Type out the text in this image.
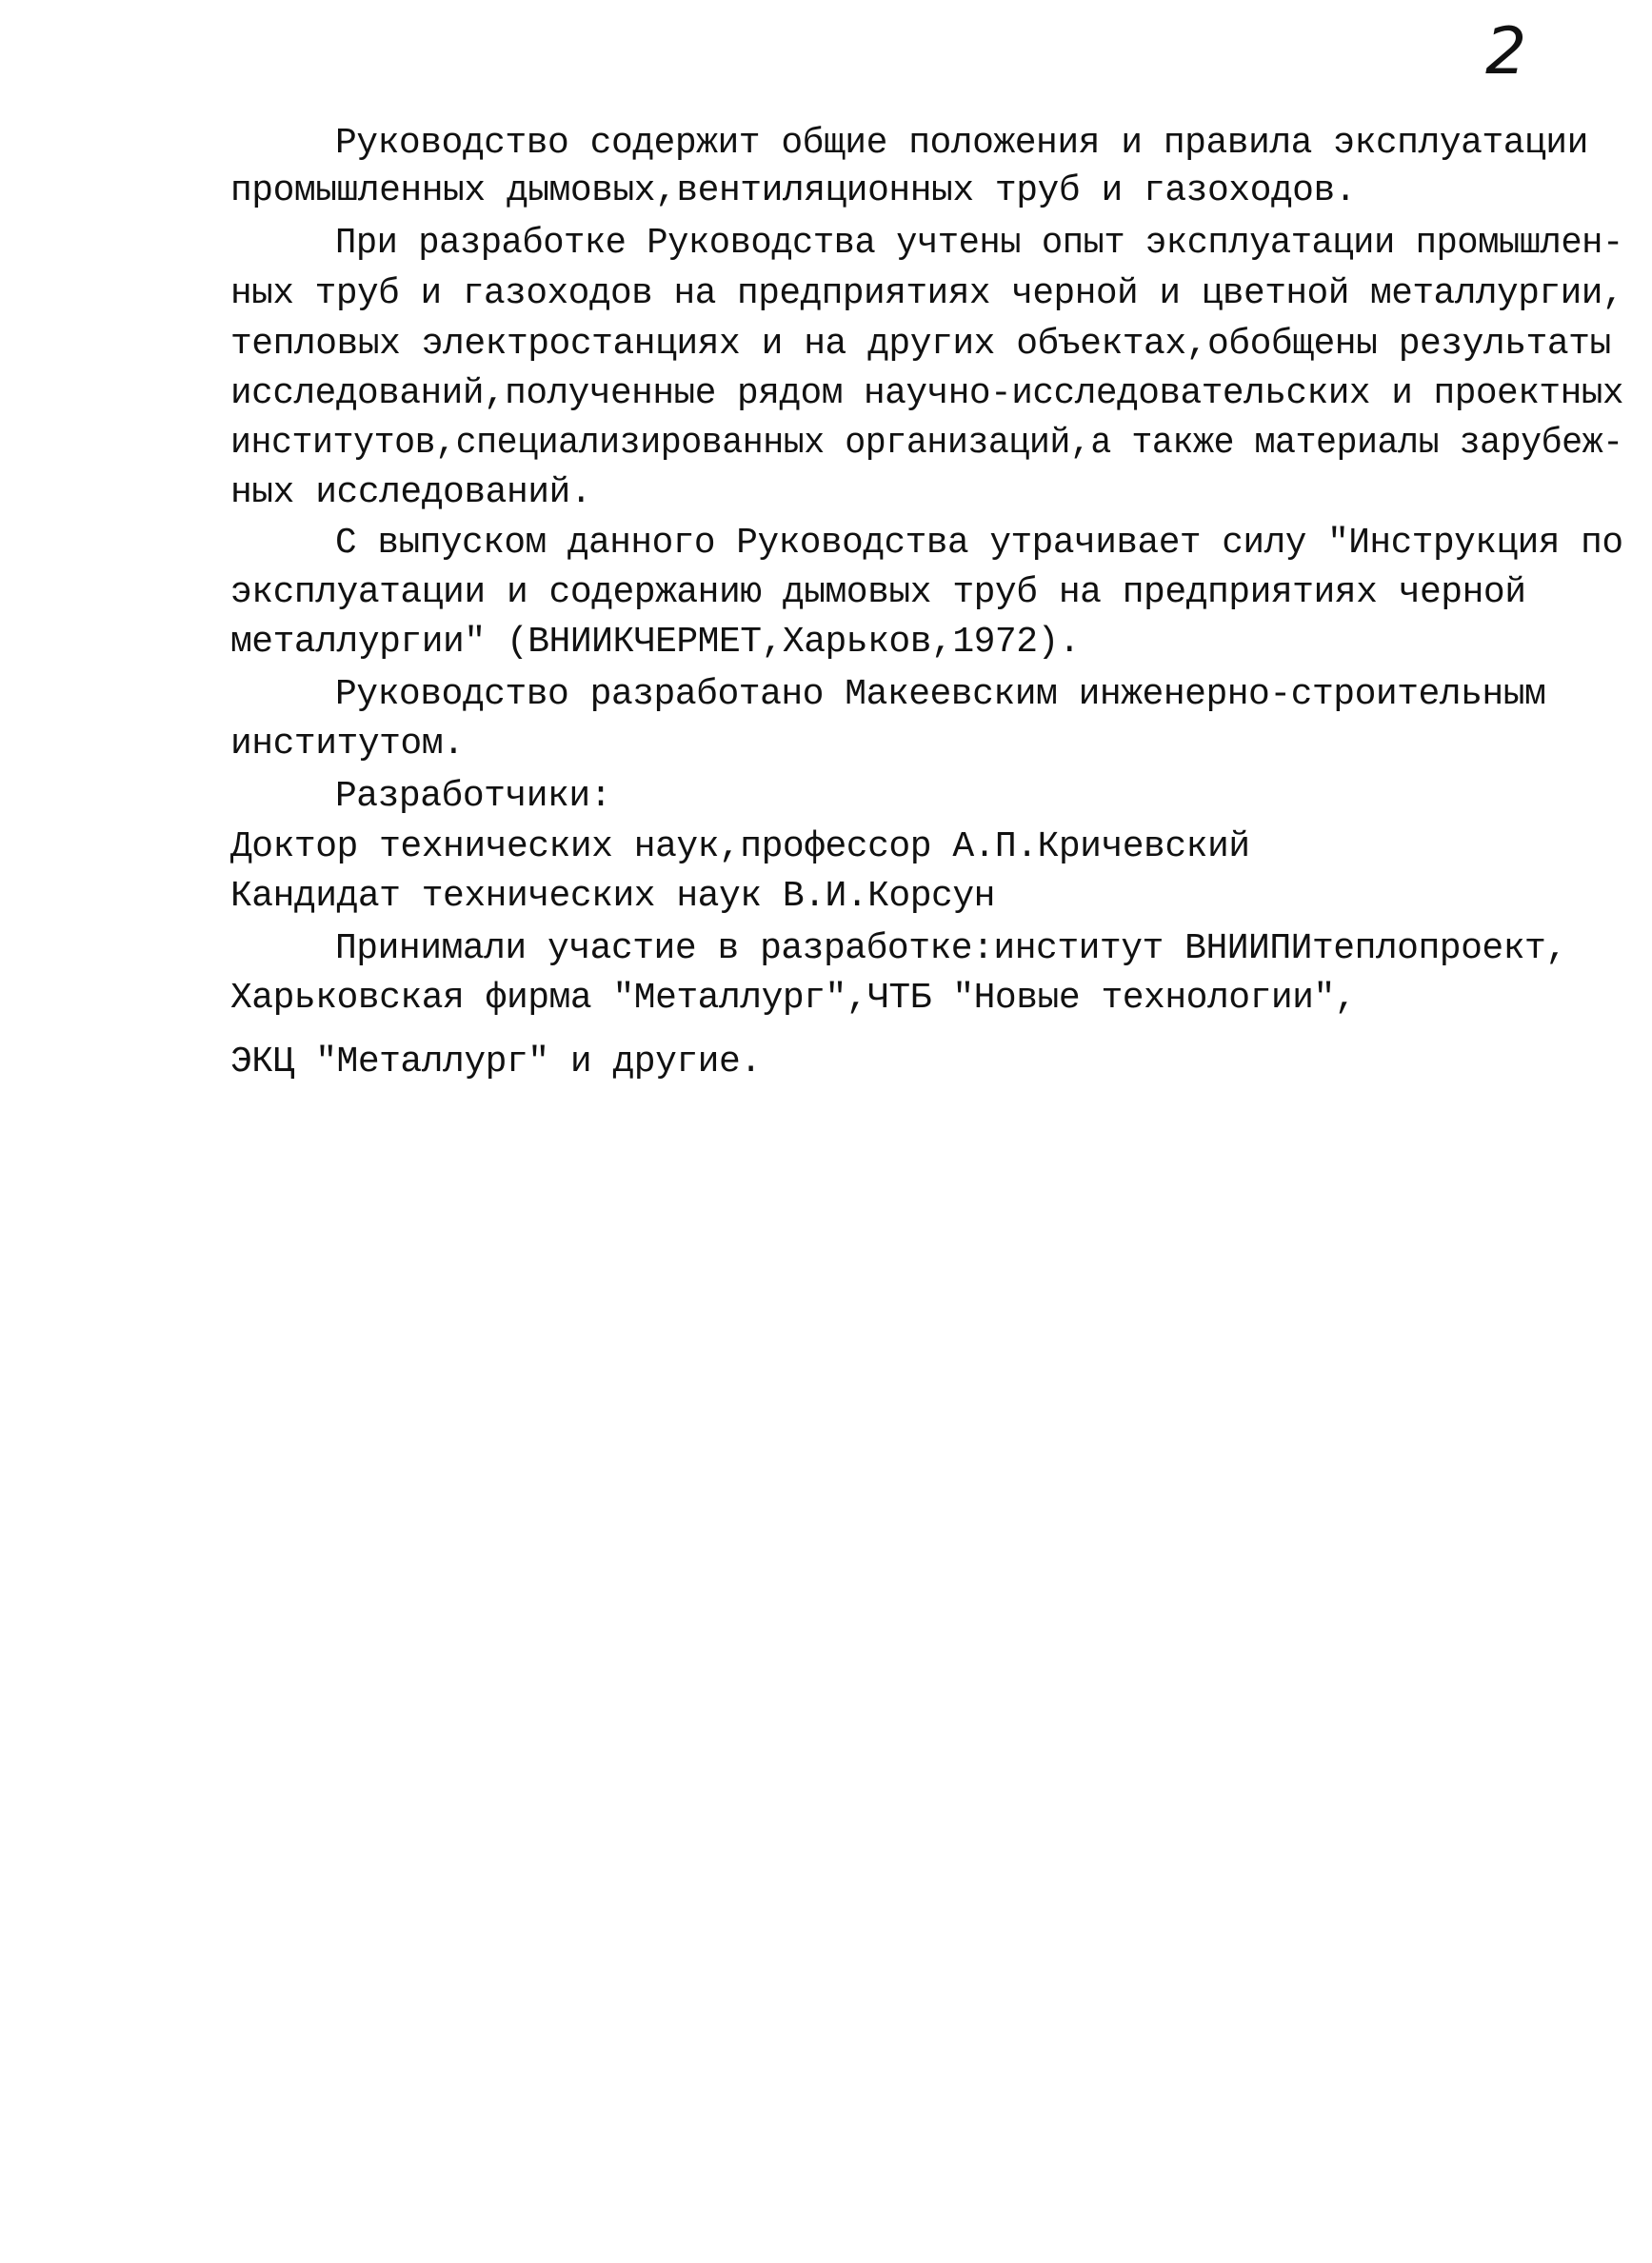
2
Руководство содержит общие положения и правила эксплуатации
промышленных дымовых,вентиляционных труб и газоходов.
При разработке Руководства учтены опыт эксплуатации промышлен-
ных труб и газоходов на предприятиях черной и цветной металлургии,
тепловых электростанциях и на других объектах,обобщены результаты
исследований,полученные рядом научно-исследовательских и проектных
институтов,специализированных организаций,а также материалы зарубеж-
ных исследований.
С выпуском данного Руководства утрачивает силу "Инструкция по
эксплуатации и содержанию дымовых труб на предприятиях черной
металлургии" (ВНИИКЧЕРМЕТ,Харьков,1972).
Руководство разработано Макеевским инженерно-строительным
институтом.
Разработчики:
Доктор технических наук,профессор А.П.Кричевский
Кандидат технических наук В.И.Корсун
Принимали участие в разработке:институт ВНИИПИтеплопроект,
Харьковская фирма "Металлург",ЧТБ "Новые технологии",
ЭКЦ "Металлург" и другие.
